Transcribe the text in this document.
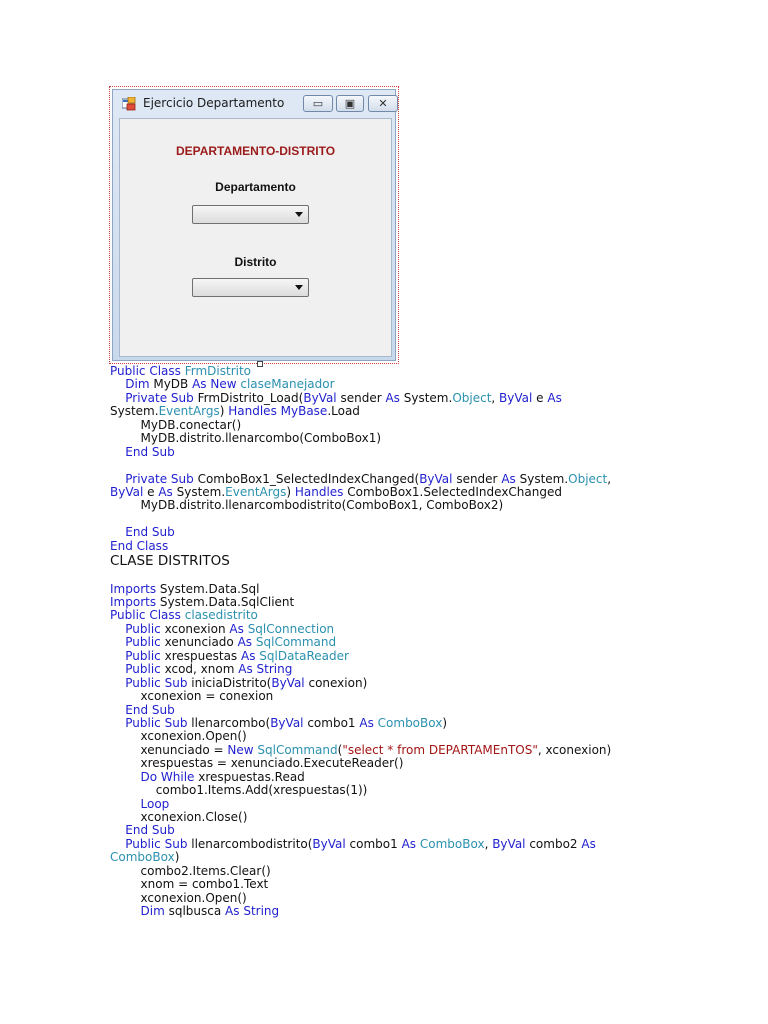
Ejercicio Departamento	▭	▣	✕
DEPARTAMENTO-DISTRITO
Departamento
Distrito
Public Class FrmDistrito
Dim MyDB As New claseManejador
Private Sub FrmDistrito_Load(ByVal sender As System.Object, ByVal e As
System.EventArgs) Handles MyBase.Load
MyDB.conectar()
MyDB.distrito.llenarcombo(ComboBox1)
End Sub
Private Sub ComboBox1_SelectedIndexChanged(ByVal sender As System.Object,
ByVal e As System.EventArgs) Handles ComboBox1.SelectedIndexChanged
MyDB.distrito.llenarcombodistrito(ComboBox1, ComboBox2)
End Sub
End Class
CLASE DISTRITOS
Imports System.Data.Sql
Imports System.Data.SqlClient
Public Class clasedistrito
Public xconexion As SqlConnection
Public xenunciado As SqlCommand
Public xrespuestas As SqlDataReader
Public xcod, xnom As String
Public Sub iniciaDistrito(ByVal conexion)
xconexion = conexion
End Sub
Public Sub llenarcombo(ByVal combo1 As ComboBox)
xconexion.Open()
xenunciado = New SqlCommand("select * from DEPARTAMEnTOS", xconexion)
xrespuestas = xenunciado.ExecuteReader()
Do While xrespuestas.Read
combo1.Items.Add(xrespuestas(1))
Loop
xconexion.Close()
End Sub
Public Sub llenarcombodistrito(ByVal combo1 As ComboBox, ByVal combo2 As
ComboBox)
combo2.Items.Clear()
xnom = combo1.Text
xconexion.Open()
Dim sqlbusca As String
